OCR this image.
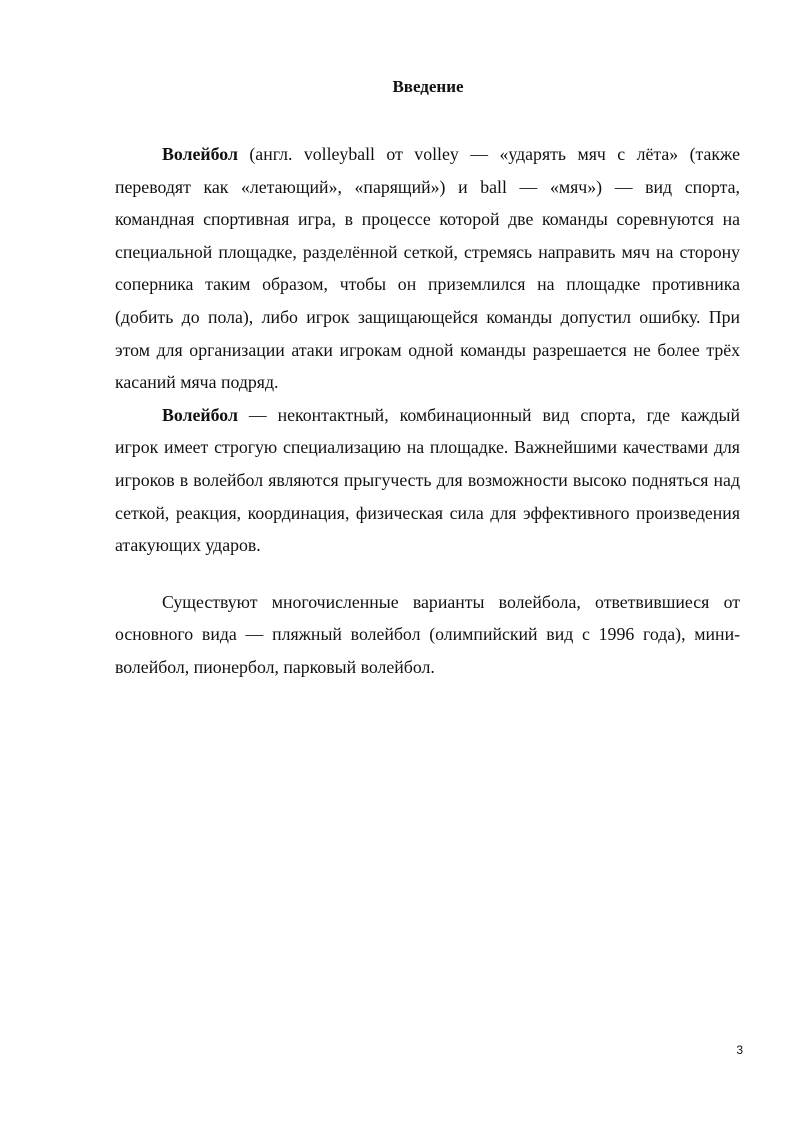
Введение

Волейбол (англ. volleyball от volley — «ударять мяч с лёта» (также переводят как «летающий», «парящий») и ball — «мяч») — вид спорта, командная спортивная игра, в процессе которой две команды соревнуются на специальной площадке, разделённой сеткой, стремясь направить мяч на сторону соперника таким образом, чтобы он приземлился на площадке противника (добить до пола), либо игрок защищающейся команды допустил ошибку. При этом для организации атаки игрокам одной команды разрешается не более трёх касаний мяча подряд.

Волейбол — неконтактный, комбинационный вид спорта, где каждый игрок имеет строгую специализацию на площадке. Важнейшими качествами для игроков в волейбол являются прыгучесть для возможности высоко подняться над сеткой, реакция, координация, физическая сила для эффективного произведения атакующих ударов.

Существуют многочисленные варианты волейбола, ответвившиеся от основного вида — пляжный волейбол (олимпийский вид с 1996 года), мини-волейбол, пионербол, парковый волейбол.

3
